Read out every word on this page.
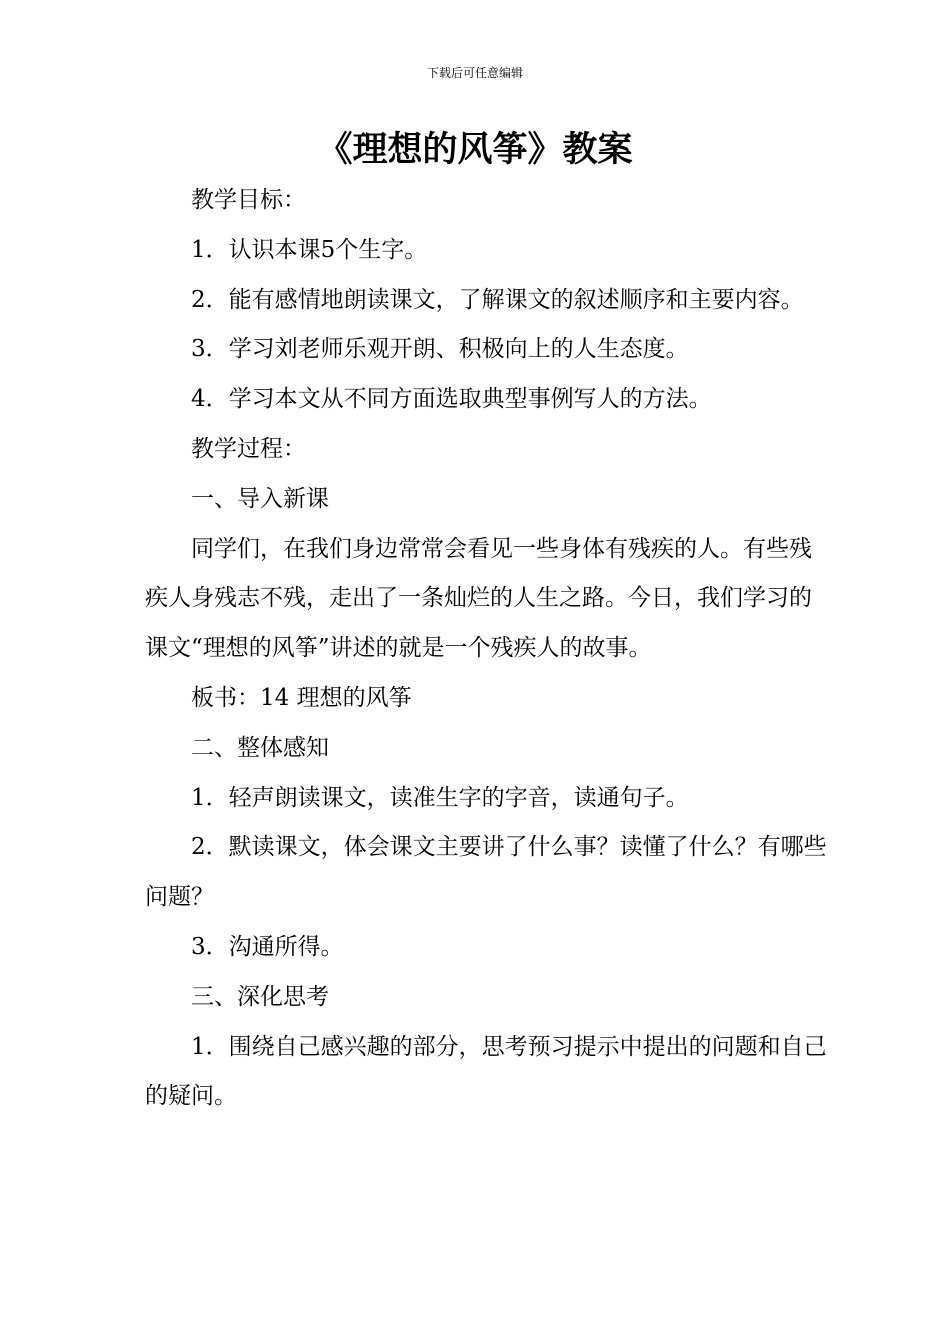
下载后可任意编辑
《理想的风筝》教案

教学目标：

1．认识本课5个生字。

2．能有感情地朗读课文，了解课文的叙述顺序和主要内容。

3．学习刘老师乐观开朗、积极向上的人生态度。

4．学习本文从不同方面选取典型事例写人的方法。

教学过程：

一、导入新课

同学们，在我们身边常常会看见一些身体有残疾的人。有些残疾人身残志不残，走出了一条灿烂的人生之路。今日，我们学习的课文“理想的风筝”讲述的就是一个残疾人的故事。

板书：14 理想的风筝

二、整体感知

1．轻声朗读课文，读准生字的字音，读通句子。

2．默读课文，体会课文主要讲了什么事？读懂了什么？有哪些问题？

3．沟通所得。

三、深化思考

1．围绕自己感兴趣的部分，思考预习提示中提出的问题和自己的疑问。
